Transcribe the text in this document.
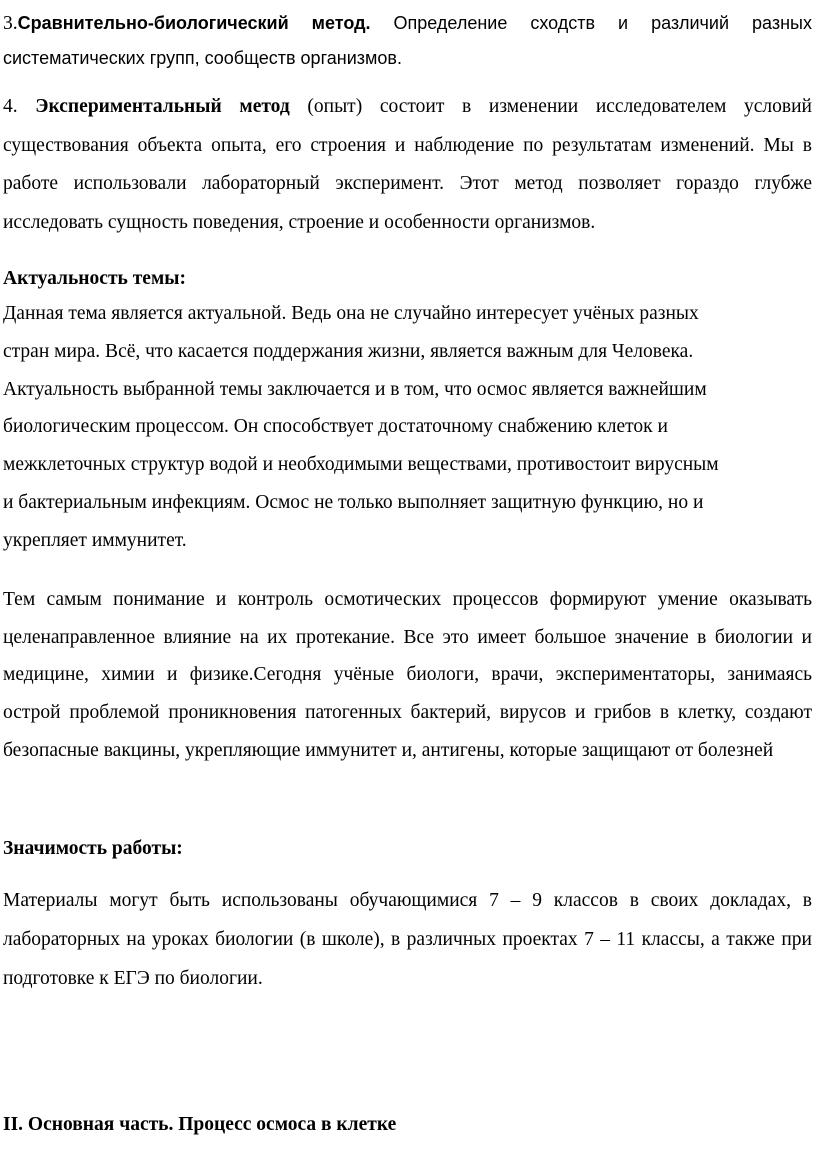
3.Сравнительно-биологический метод. Определение сходств и различий разных систематических групп, сообществ организмов.

4. Экспериментальный метод (опыт) состоит в изменении исследователем условий существования объекта опыта, его строения и наблюдение по результатам изменений. Мы в работе использовали лабораторный эксперимент. Этот метод позволяет гораздо глубже исследовать сущность поведения, строение и особенности организмов.

Актуальность темы:
Данная тема является актуальной. Ведь она не случайно интересует учёных разных
стран мира. Всё, что касается поддержания жизни, является важным для Человека.
Актуальность выбранной темы заключается и в том, что осмос является важнейшим
биологическим процессом. Он способствует достаточному снабжению клеток и
межклеточных структур водой и необходимыми веществами, противостоит вирусным
и бактериальным инфекциям. Осмос не только выполняет защитную функцию, но и
укрепляет иммунитет.

Тем самым понимание и контроль осмотических процессов формируют умение оказывать целенаправленное влияние на их протекание. Все это имеет большое значение в биологии и медицине, химии и физике.Сегодня учёные биологи, врачи, экспериментаторы, занимаясь острой проблемой проникновения патогенных бактерий, вирусов и грибов в клетку, создают безопасные вакцины, укрепляющие иммунитет и, антигены, которые защищают от болезней

Значимость работы:

Материалы могут быть использованы обучающимися 7 – 9 классов в своих докладах, в лабораторных на уроках биологии (в школе), в различных проектах 7 – 11 классы, а также при подготовке к ЕГЭ по биологии.

II. Основная часть. Процесс осмоса в клетке
